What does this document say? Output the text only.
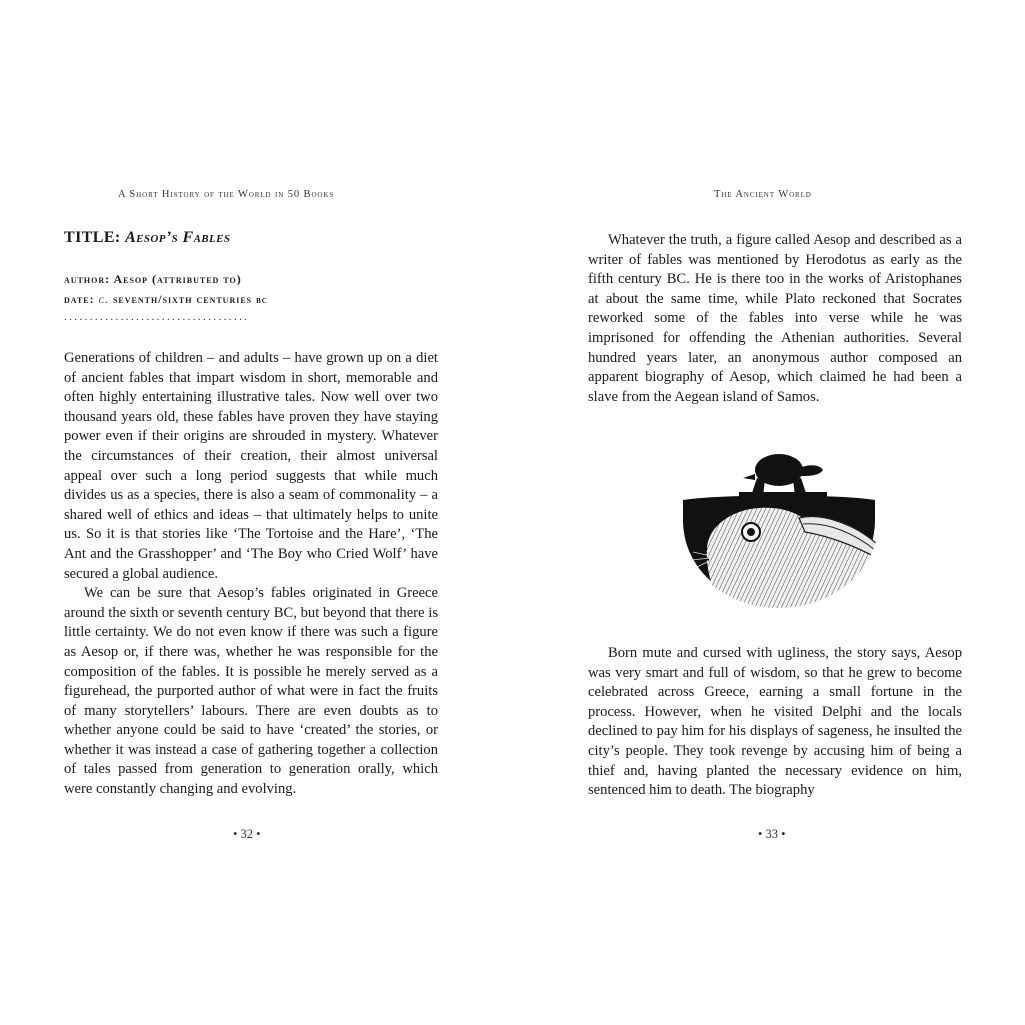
A Short History of the World in 50 Books
TITLE: Aesop’s Fables
author: Aesop (attributed to)
date: c. seventh/sixth centuries bc
....................................

Generations of children – and adults – have grown up on a diet of ancient fables that impart wisdom in short, memorable and often highly entertaining illustrative tales. Now well over two thousand years old, these fables have proven they have staying power even if their origins are shrouded in mystery. Whatever the circumstances of their creation, their almost universal appeal over such a long period suggests that while much divides us as a species, there is also a seam of commonality – a shared well of ethics and ideas – that ultimately helps to unite us. So it is that stories like ‘The Tortoise and the Hare’, ‘The Ant and the Grasshopper’ and ‘The Boy who Cried Wolf’ have secured a global audience.

We can be sure that Aesop’s fables originated in Greece around the sixth or seventh century BC, but beyond that there is little certainty. We do not even know if there was such a figure as Aesop or, if there was, whether he was responsible for the composition of the fables. It is possible he merely served as a figurehead, the purported author of what were in fact the fruits of many storytellers’ labours. There are even doubts as to whether anyone could be said to have ‘created’ the stories, or whether it was instead a case of gathering together a collection of tales passed from generation to generation orally, which were constantly changing and evolving.

• 32 •
The Ancient World

Whatever the truth, a figure called Aesop and described as a writer of fables was mentioned by Herodotus as early as the fifth century BC. He is there too in the works of Aristophanes at about the same time, while Plato reckoned that Socrates reworked some of the fables into verse while he was imprisoned for offending the Athenian authorities. Several hundred years later, an anonymous author composed an apparent biography of Aesop, which claimed he had been a slave from the Aegean island of Samos.

Born mute and cursed with ugliness, the story says, Aesop was very smart and full of wisdom, so that he grew to become celebrated across Greece, earning a small fortune in the process. However, when he visited Delphi and the locals declined to pay him for his displays of sageness, he insulted the city’s people. They took revenge by accusing him of being a thief and, having planted the necessary evidence on him, sentenced him to death. The biography

• 33 •
